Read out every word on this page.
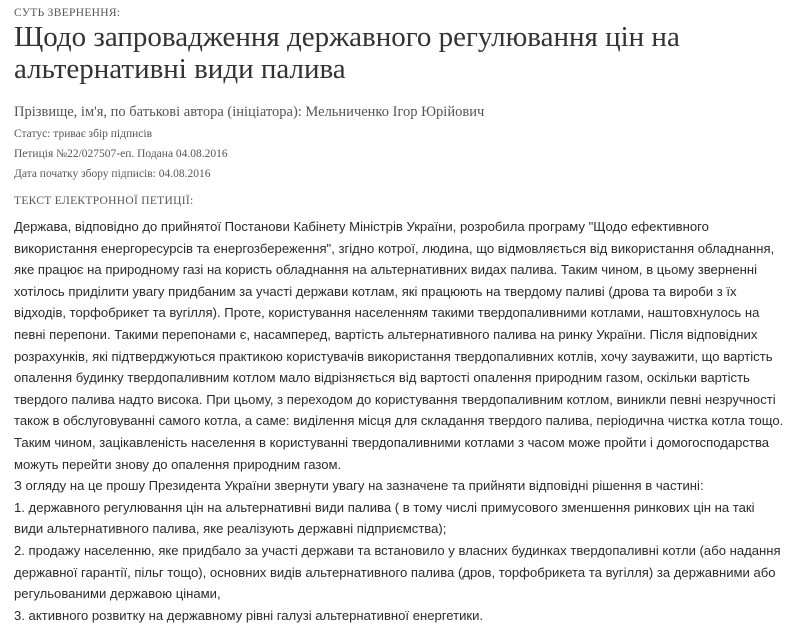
СУТЬ ЗВЕРНЕННЯ:
Щодо запровадження державного регулювання цін на альтернативні види палива
Прізвище, ім'я, по батькові автора (ініціатора): Мельниченко Ігор Юрійович
Статус: триває збір підписів
Петиція №22/027507-еп. Подана 04.08.2016
Дата початку збору підписів: 04.08.2016
ТЕКСТ ЕЛЕКТРОННОЇ ПЕТИЦІЇ:

Держава, відповідно до прийнятої Постанови Кабінету Міністрів України, розробила програму "Щодо ефективного використання енергоресурсів та енергозбереження", згідно котрої, людина, що відмовляється від використання обладнання, яке працює на природному газі на користь обладнання на альтернативних видах палива. Таким чином, в цьому зверненні хотілось приділити увагу придбаним за участі держави котлам, які працюють на твердому паливі (дрова та вироби з їх відходів, торфобрикет та вугілля). Проте, користування населенням такими твердопаливними котлами, наштовхнулось на певні перепони. Такими перепонами є, насамперед, вартість альтернативного палива на ринку України. Після відповідних розрахунків, які підтверджуються практикою користувачів використання твердопаливних котлів, хочу зауважити, що вартість опалення будинку твердопаливним котлом мало відрізняється від вартості опалення природним газом, оскільки вартість твердого палива надто висока. При цьому, з переходом до користування твердопаливним котлом, виникли певні незручності також в обслуговуванні самого котла, а саме: виділення місця для складання твердого палива, періодична чистка котла тощо. Таким чином, зацікавленість населення в користуванні твердопаливними котлами з часом може пройти і домогосподарства можуть перейти знову до опалення природним газом.

З огляду на це прошу Президента України звернути увагу на зазначене та прийняти відповідні рішення в частині:

1. державного регулювання цін на альтернативні види палива ( в тому числі примусового зменшення ринкових цін на такі види альтернативного палива, яке реалізують державні підприємства);

2. продажу населенню, яке придбало за участі держави та встановило у власних будинках твердопаливні котли (або надання державної гарантії, пільг тощо), основних видів альтернативного палива (дров, торфобрикета та вугілля) за державними або регульованими державою цінами,

3. активного розвитку на державному рівні галузі альтернативної енергетики.
